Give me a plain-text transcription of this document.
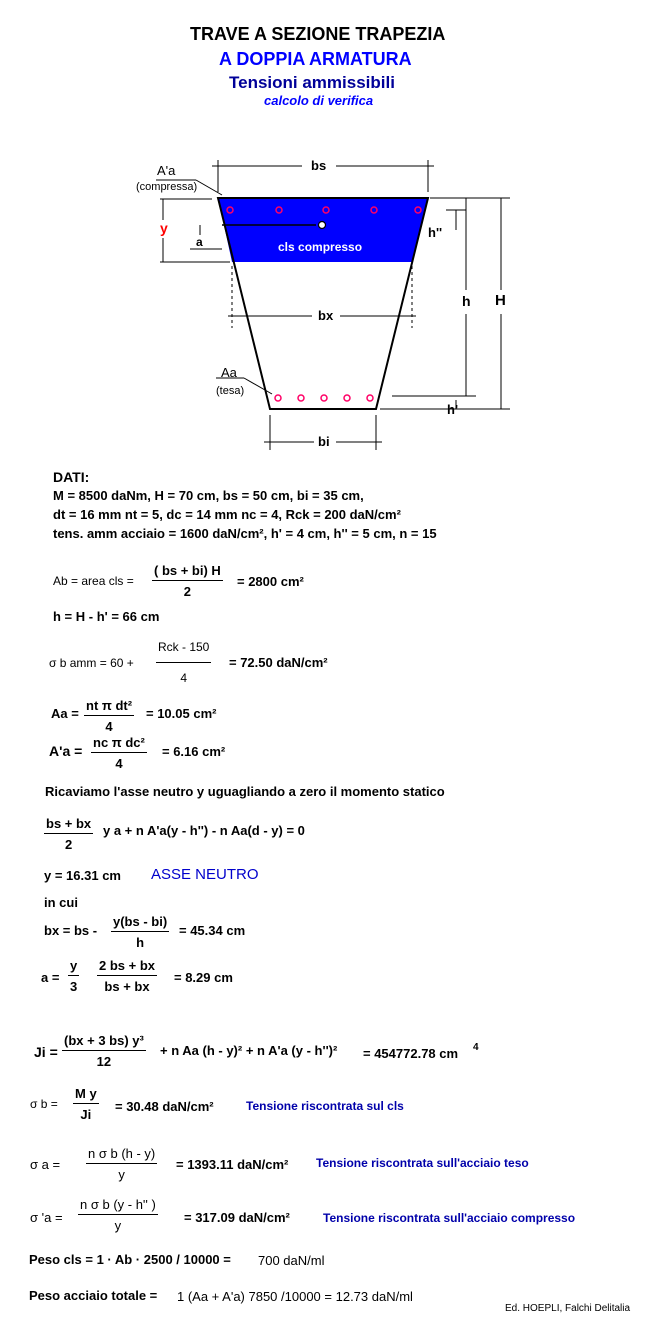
TRAVE A SEZIONE TRAPEZIA
A DOPPIA ARMATURA
Tensioni ammissibili
calcolo di verifica
bs
A'a
(compressa)
y
a
h''
cls compresso
h H
bx
Aa
(tesa)
h'
bi
DATI:
M = 8500 daNm, H = 70 cm, bs = 50 cm, bi = 35 cm,
dt = 16 mm nt = 5, dc = 14 mm nc = 4, Rck = 200 daN/cm²
tens. amm acciaio = 1600 daN/cm², h' = 4 cm, h'' = 5 cm, n = 15
Ab = area cls = $\frac{( bs + bi) H}{2} = 2800$ cm²
h = H - h' = 66 cm
σ b amm = 60 +
Rck - 150
4
= 72.50 daN/cm²
$Aa = \frac{\text{nt π dt²}}{4} = 10.05$ cm²
$A'a = \frac{\text{nc π dc²}}{4} = 6.16$ cm²
Ricaviamo l'asse neutro y uguagliando a zero il momento statico
$\frac{bs + bx}{2}$ y a + n A'a(y - h'') - n Aa(d - y) = 0
y = 16.31 cm ASSE NEUTRO
in cui
bx = bs - $\frac{y(bs - bi)}{h} = 45.34$ cm
$a = \frac{y}{3} \frac{2 bs + bx}{bs + bx} = 8.29$ cm
$Ji = \frac{\text{(bx + 3 bs) y³}}{12} + n$ Aa (h - y)² + n A'a (y - h'')² = 454772.78 cm 4
σ $b = \frac{\text{M y}}{Ji} = 30.48$ daN/cm²	Tensione riscontrata sul cls
σ $a = \frac{\text{n σ b (h - y)}}{y} = 1393.11$ daN/cm² Tensione riscontrata sull'acciaio teso
σ '$a = \frac{\text{n σ b (y - h'' )}}{y} = 317.09$ daN/cm²	Tensione riscontrata sull'acciaio compresso
Peso cls = 1 · Ab · 2500 / 10000 = 700 daN/ml
Peso acciaio totale = 1 (Aa + A'a) 7850 /10000 = 12.73 daN/ml
Ed. HOEPLI, Falchi Delitalia
